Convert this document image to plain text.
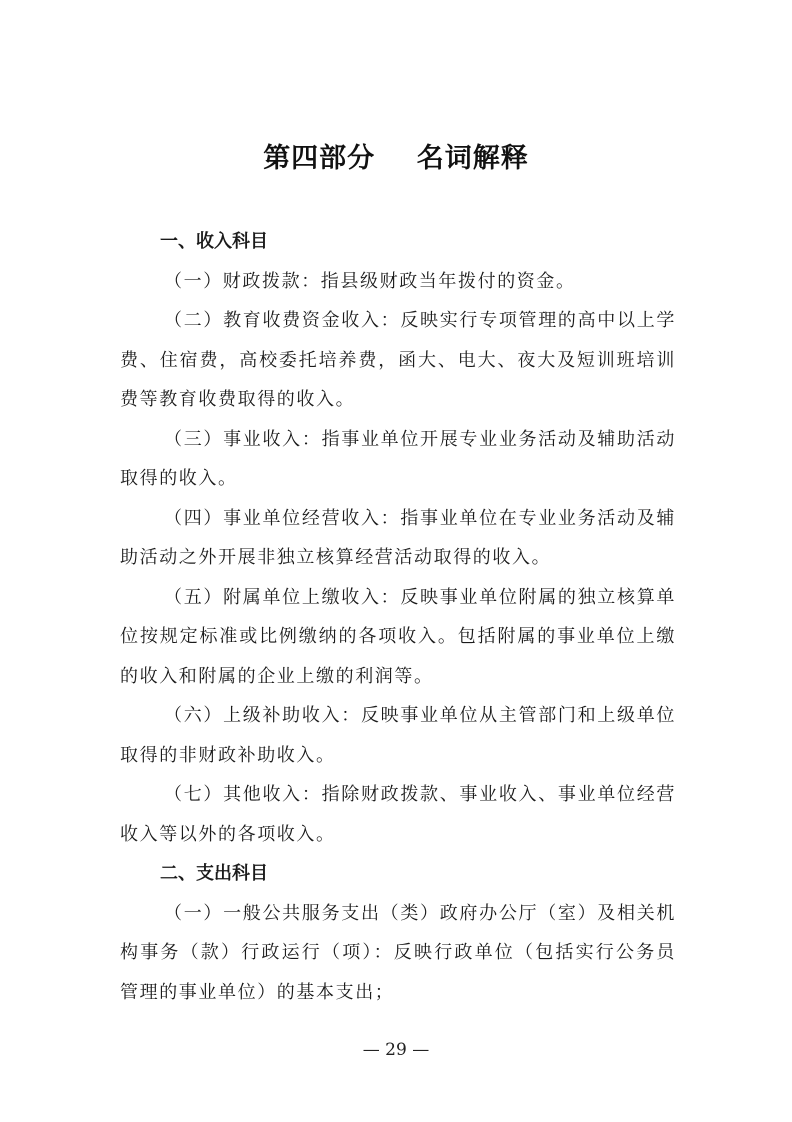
第四部分    名词解释

一、收入科目

（一）财政拨款：指县级财政当年拨付的资金。

（二）教育收费资金收入：反映实行专项管理的高中以上学费、住宿费，高校委托培养费，函大、电大、夜大及短训班培训费等教育收费取得的收入。

（三）事业收入：指事业单位开展专业业务活动及辅助活动取得的收入。

（四）事业单位经营收入：指事业单位在专业业务活动及辅助活动之外开展非独立核算经营活动取得的收入。

（五）附属单位上缴收入：反映事业单位附属的独立核算单位按规定标准或比例缴纳的各项收入。包括附属的事业单位上缴的收入和附属的企业上缴的利润等。

（六）上级补助收入：反映事业单位从主管部门和上级单位取得的非财政补助收入。

（七）其他收入：指除财政拨款、事业收入、事业单位经营收入等以外的各项收入。

二、支出科目

（一）一般公共服务支出（类）政府办公厅（室）及相关机构事务（款）行政运行（项）：反映行政单位（包括实行公务员管理的事业单位）的基本支出；

— 29 —
